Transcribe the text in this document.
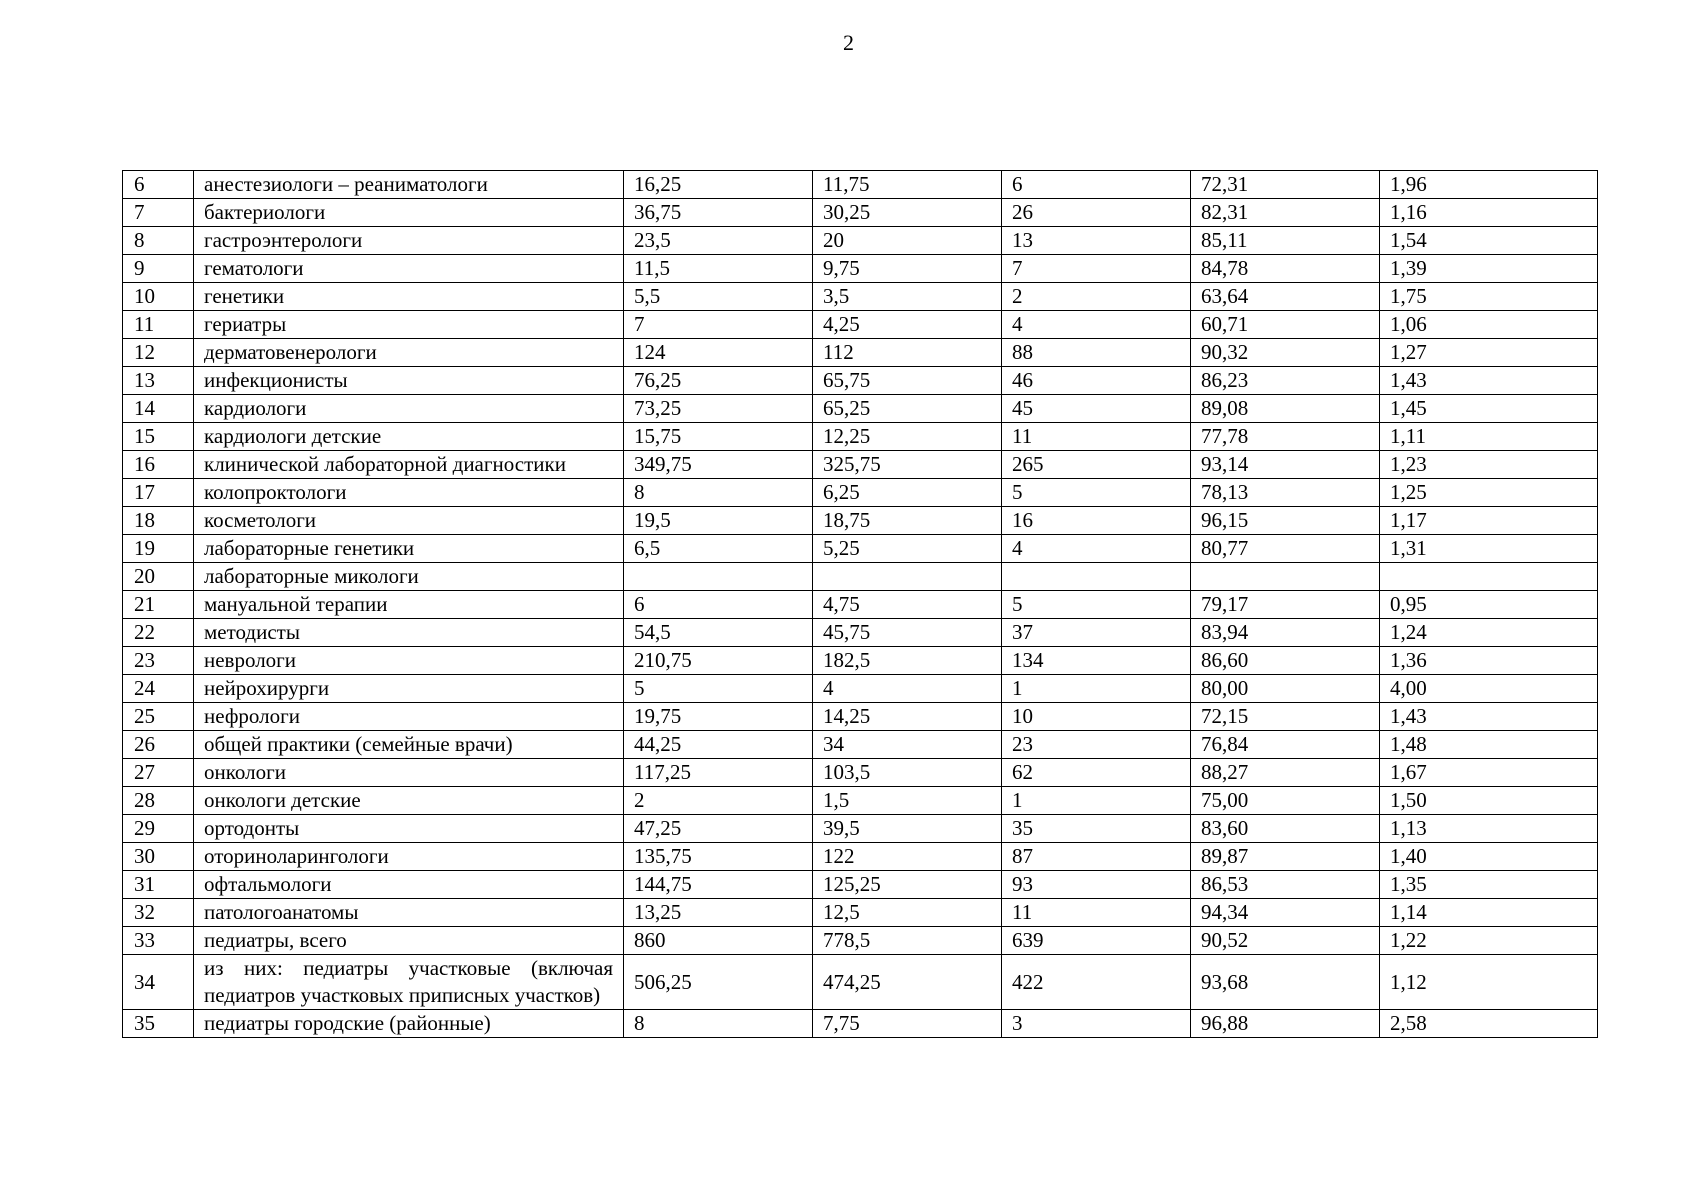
2
6	анестезиологи – реаниматологи	16,25	11,75	6	72,31	1,96
7	бактериологи	36,75	30,25	26	82,31	1,16
8	гастроэнтерологи	23,5	20	13	85,11	1,54
9	гематологи	11,5	9,75	7	84,78	1,39
10	генетики	5,5	3,5	2	63,64	1,75
11	гериатры	7	4,25	4	60,71	1,06
12	дерматовенерологи	124	112	88	90,32	1,27
13	инфекционисты	76,25	65,75	46	86,23	1,43
14	кардиологи	73,25	65,25	45	89,08	1,45
15	кардиологи детские	15,75	12,25	11	77,78	1,11
16	клинической лабораторной диагностики	349,75	325,75	265	93,14	1,23
17	колопроктологи	8	6,25	5	78,13	1,25
18	косметологи	19,5	18,75	16	96,15	1,17
19	лабораторные генетики	6,5	5,25	4	80,77	1,31
20	лабораторные микологи					
21	мануальной терапии	6	4,75	5	79,17	0,95
22	методисты	54,5	45,75	37	83,94	1,24
23	неврологи	210,75	182,5	134	86,60	1,36
24	нейрохирурги	5	4	1	80,00	4,00
25	нефрологи	19,75	14,25	10	72,15	1,43
26	общей практики (семейные врачи)	44,25	34	23	76,84	1,48
27	онкологи	117,25	103,5	62	88,27	1,67
28	онкологи детские	2	1,5	1	75,00	1,50
29	ортодонты	47,25	39,5	35	83,60	1,13
30	оториноларингологи	135,75	122	87	89,87	1,40
31	офтальмологи	144,75	125,25	93	86,53	1,35
32	патологоанатомы	13,25	12,5	11	94,34	1,14
33	педиатры, всего	860	778,5	639	90,52	1,22
34	из них: педиатры участковые (включая педиатров участковых приписных участков)	506,25	474,25	422	93,68	1,12
35	педиатры городские (районные)	8	7,75	3	96,88	2,58
